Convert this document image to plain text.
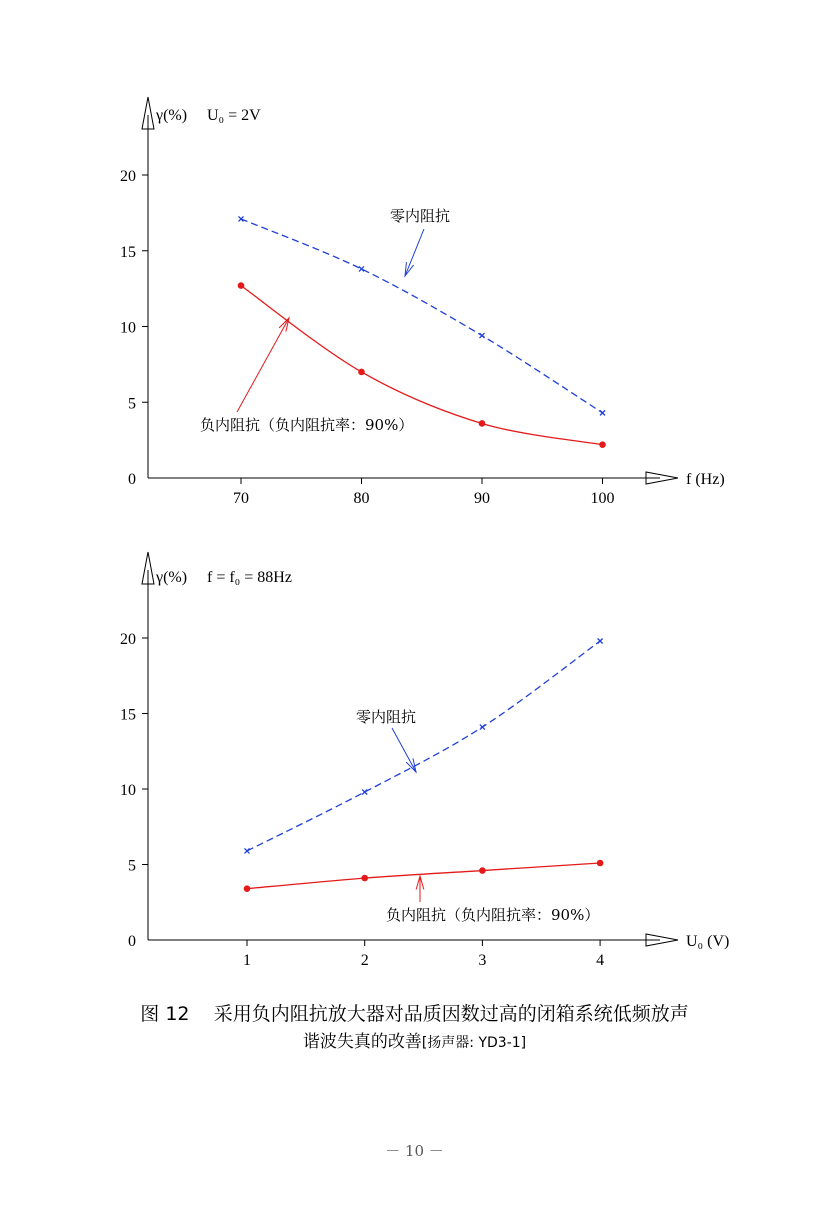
0
5
10
15
20
70	80	90	100
γ(%) U₀ = 2V
f (Hz)
零内阻抗
负内阻抗（负内阻抗率：90%）
0
5
10
15
20
1	2	3	4
γ(%) f = f₀ = 88Hz
U₀ (V)
零内阻抗
负内阻抗（负内阻抗率：90%）
图 12 采用负内阻抗放大器对品质因数过高的闭箱系统低频放声
谐波失真的改善[扬声器: YD3-1]
－ 10 －
